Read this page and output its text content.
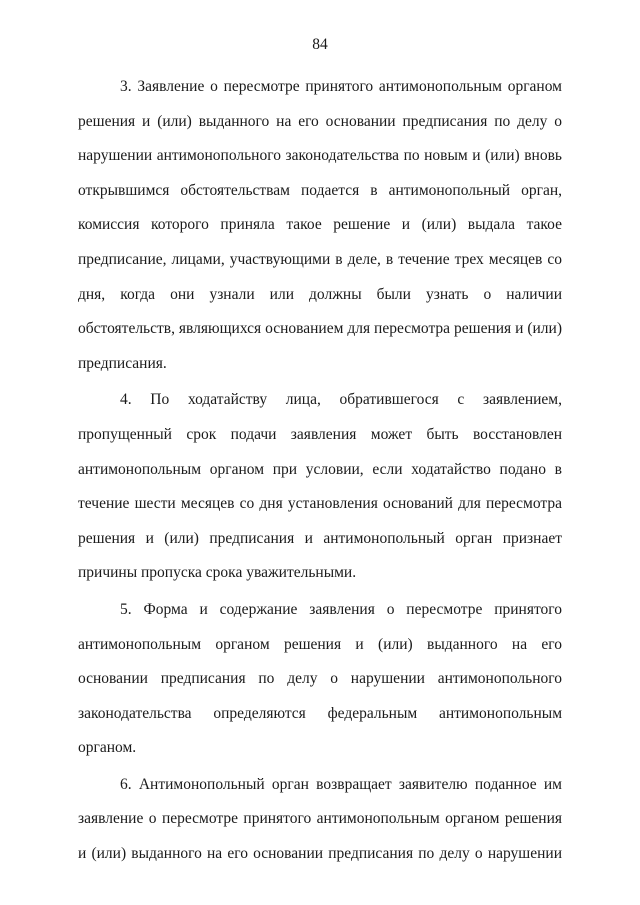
84

3. Заявление о пересмотре принятого антимонопольным органом решения и (или) выданного на его основании предписания по делу о нарушении антимонопольного законодательства по новым и (или) вновь открывшимся обстоятельствам подается в антимонопольный орган, комиссия которого приняла такое решение и (или) выдала такое предписание, лицами, участвующими в деле, в течение трех месяцев со дня, когда они узнали или должны были узнать о наличии обстоятельств, являющихся основанием для пересмотра решения и (или) предписания.

4. По ходатайству лица, обратившегося с заявлением, пропущенный срок подачи заявления может быть восстановлен антимонопольным органом при условии, если ходатайство подано в течение шести месяцев со дня установления оснований для пересмотра решения и (или) предписания и антимонопольный орган признает причины пропуска срока уважительными.

5. Форма и содержание заявления о пересмотре принятого антимонопольным органом решения и (или) выданного на его основании предписания по делу о нарушении антимонопольного законодательства определяются федеральным антимонопольным органом.

6. Антимонопольный орган возвращает заявителю поданное им заявление о пересмотре принятого антимонопольным органом решения и (или) выданного на его основании предписания по делу о нарушении
